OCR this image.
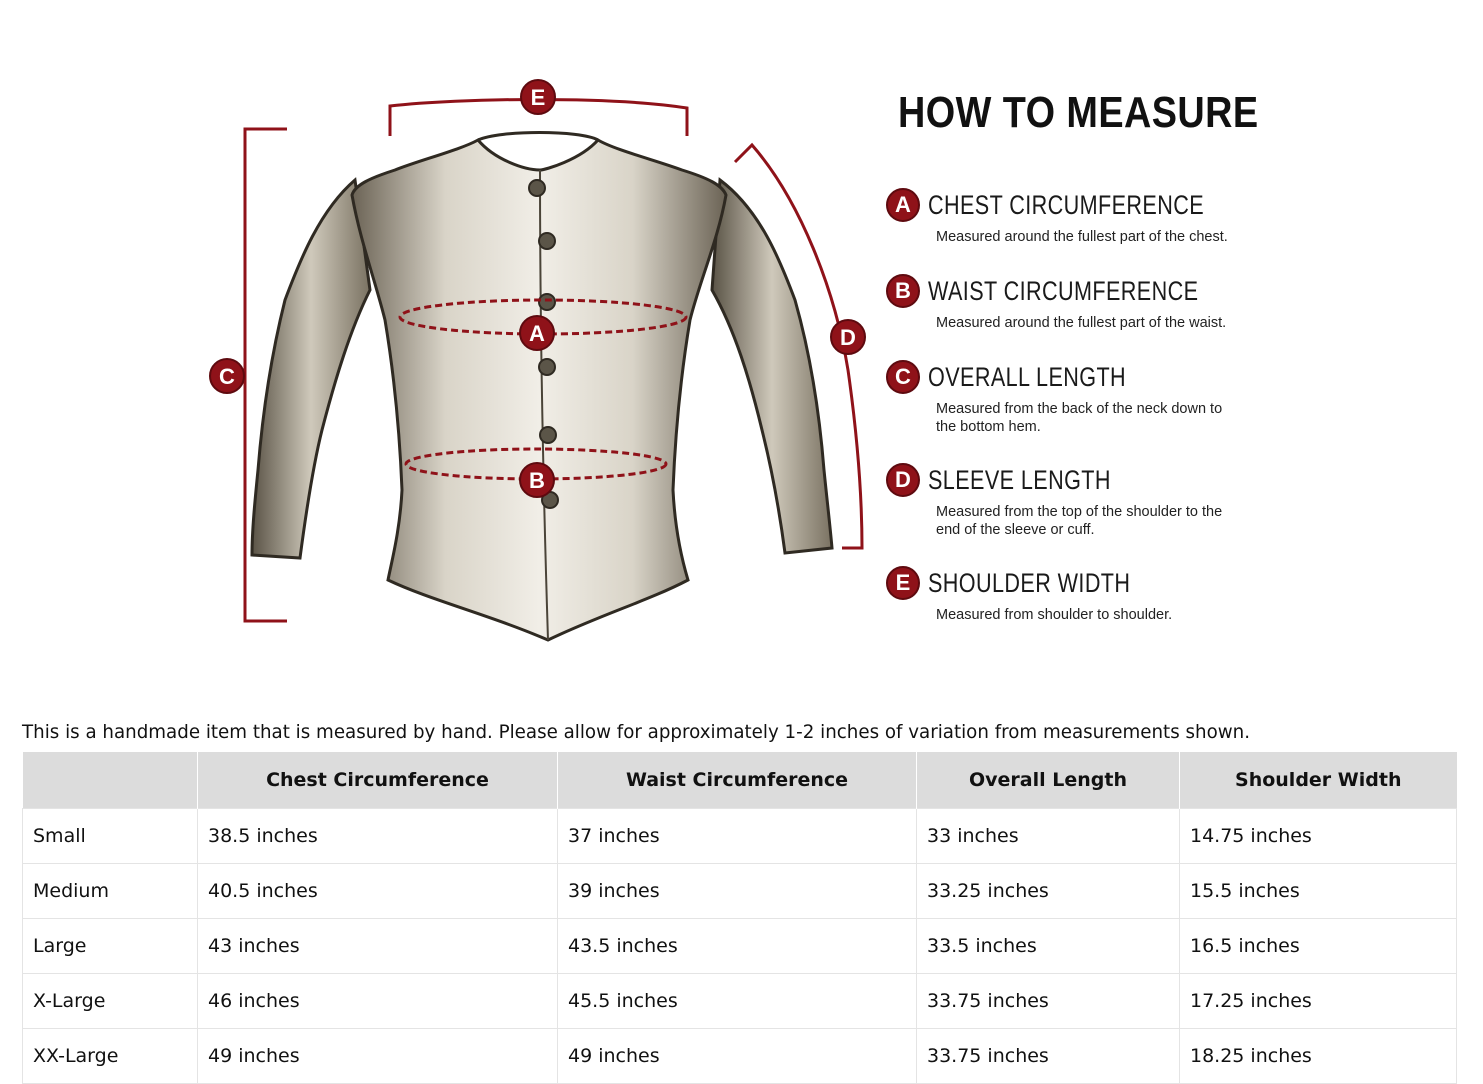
A
B
C
D
E	HOW TO MEASURE
A CHEST CIRCUMFERENCE
Measured around the fullest part of the chest.
B WAIST CIRCUMFERENCE
Measured around the fullest part of the waist.
C OVERALL LENGTH
Measured from the back of the neck down to the bottom hem.
D SLEEVE LENGTH
Measured from the top of the shoulder to the end of the sleeve or cuff.
E SHOULDER WIDTH
Measured from shoulder to shoulder.

This is a handmade item that is measured by hand. Please allow for approximately 1-2 inches of variation from measurements shown.

	Chest Circumference	Waist Circumference	Overall Length	Shoulder Width
Small	38.5 inches	37 inches	33 inches	14.75 inches
Medium	40.5 inches	39 inches	33.25 inches	15.5 inches
Large	43 inches	43.5 inches	33.5 inches	16.5 inches
X-Large	46 inches	45.5 inches	33.75 inches	17.25 inches
XX-Large	49 inches	49 inches	33.75 inches	18.25 inches
